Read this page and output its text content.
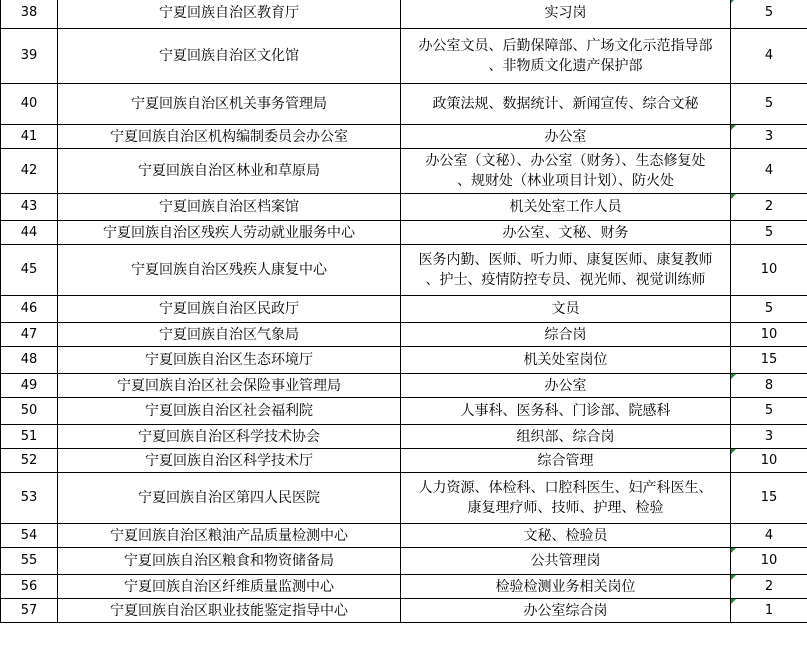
38	宁夏回族自治区教育厅	实习岗	5
39	宁夏回族自治区文化馆	办公室文员、后勤保障部、广场文化示范指导部
、非物质文化遗产保护部	4
40	宁夏回族自治区机关事务管理局	政策法规、数据统计、新闻宣传、综合文秘	5
41	宁夏回族自治区机构编制委员会办公室	办公室	3
42	宁夏回族自治区林业和草原局	办公室（文秘）、办公室（财务）、生态修复处
、规财处（林业项目计划）、防火处	4
43	宁夏回族自治区档案馆	机关处室工作人员	2
44	宁夏回族自治区残疾人劳动就业服务中心	办公室、文秘、财务	5
45	宁夏回族自治区残疾人康复中心	医务内勤、医师、听力师、康复医师、康复教师
、护士、疫情防控专员、视光师、视觉训练师	10
46	宁夏回族自治区民政厅	文员	5
47	宁夏回族自治区气象局	综合岗	10
48	宁夏回族自治区生态环境厅	机关处室岗位	15
49	宁夏回族自治区社会保险事业管理局	办公室	8
50	宁夏回族自治区社会福利院	人事科、医务科、门诊部、院感科	5
51	宁夏回族自治区科学技术协会	组织部、综合岗	3
52	宁夏回族自治区科学技术厅	综合管理	10
53	宁夏回族自治区第四人民医院	人力资源、体检科、口腔科医生、妇产科医生、
康复理疗师、技师、护理、检验	15
54	宁夏回族自治区粮油产品质量检测中心	文秘、检验员	4
55	宁夏回族自治区粮食和物资储备局	公共管理岗	10
56	宁夏回族自治区纤维质量监测中心	检验检测业务相关岗位	2
57	宁夏回族自治区职业技能鉴定指导中心	办公室综合岗	1
